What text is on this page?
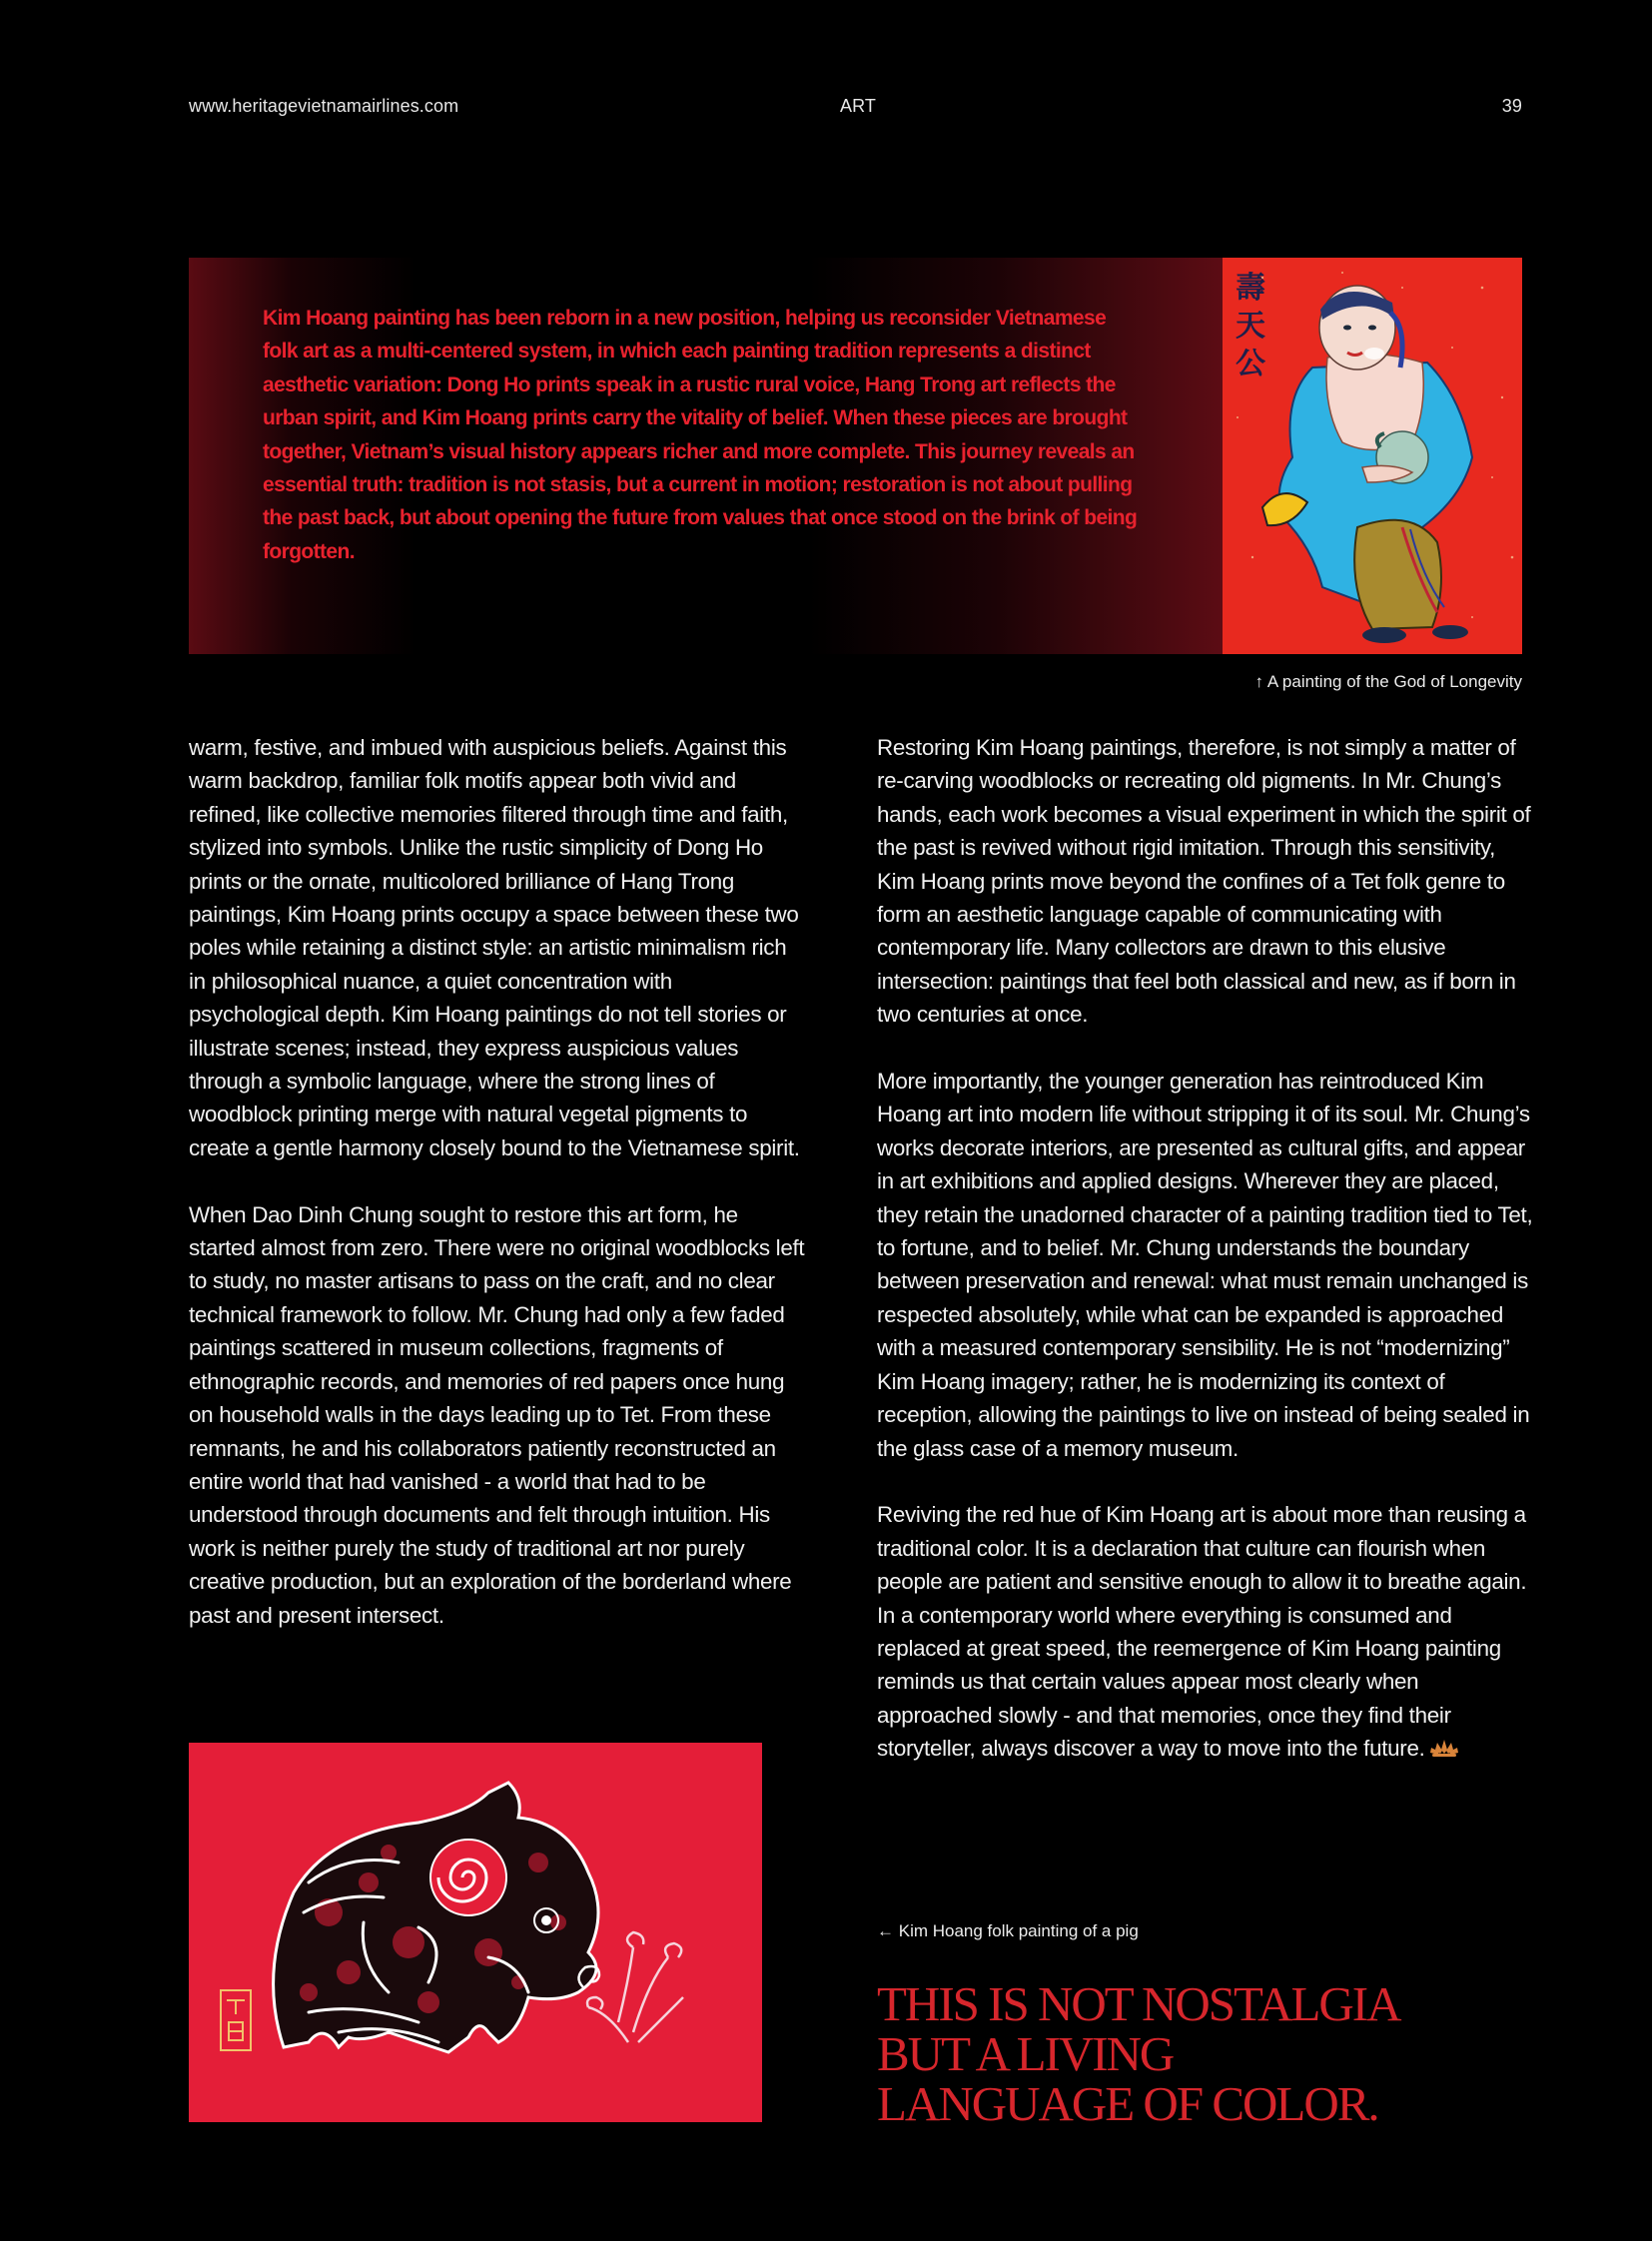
www.heritagevietnamairlines.com	ART	39

Kim Hoang painting has been reborn in a new position, helping us reconsider Vietnamese folk art as a multi-centered system, in which each painting tradition represents a distinct aesthetic variation: Dong Ho prints speak in a rustic rural voice, Hang Trong art reflects the urban spirit, and Kim Hoang prints carry the vitality of belief. When these pieces are brought together, Vietnam’s visual history appears richer and more complete. This journey reveals an essential truth: tradition is not stasis, but a current in motion; restoration is not about pulling the past back, but about opening the future from values that once stood on the brink of being forgotten.

壽 天 公
↑ A painting of the God of Longevity

warm, festive, and imbued with auspicious beliefs. Against this warm backdrop, familiar folk motifs appear both vivid and refined, like collective memories filtered through time and faith, stylized into symbols. Unlike the rustic simplicity of Dong Ho prints or the ornate, multicolored brilliance of Hang Trong paintings, Kim Hoang prints occupy a space between these two poles while retaining a distinct style: an artistic minimalism rich in philosophical nuance, a quiet concentration with psychological depth. Kim Hoang paintings do not tell stories or illustrate scenes; instead, they express auspicious values through a symbolic language, where the strong lines of woodblock printing merge with natural vegetal pigments to create a gentle harmony closely bound to the Vietnamese spirit.

When Dao Dinh Chung sought to restore this art form, he started almost from zero. There were no original woodblocks left to study, no master artisans to pass on the craft, and no clear technical framework to follow. Mr. Chung had only a few faded paintings scattered in museum collections, fragments of ethnographic records, and memories of red papers once hung on household walls in the days leading up to Tet. From these remnants, he and his collaborators patiently reconstructed an entire world that had vanished - a world that had to be understood through documents and felt through intuition. His work is neither purely the study of traditional art nor purely creative production, but an exploration of the borderland where past and present intersect.

Restoring Kim Hoang paintings, therefore, is not simply a matter of re-carving woodblocks or recreating old pigments. In Mr. Chung’s hands, each work becomes a visual experiment in which the spirit of the past is revived without rigid imitation. Through this sensitivity, Kim Hoang prints move beyond the confines of a Tet folk genre to form an aesthetic language capable of communicating with contemporary life. Many collectors are drawn to this elusive intersection: paintings that feel both classical and new, as if born in two centuries at once.

More importantly, the younger generation has reintroduced Kim Hoang art into modern life without stripping it of its soul. Mr. Chung’s works decorate interiors, are presented as cultural gifts, and appear in art exhibitions and applied designs. Wherever they are placed, they retain the unadorned character of a painting tradition tied to Tet, to fortune, and to belief. Mr. Chung understands the boundary between preservation and renewal: what must remain unchanged is respected absolutely, while what can be expanded is approached with a measured contemporary sensibility. He is not “modernizing” Kim Hoang imagery; rather, he is modernizing its context of reception, allowing the paintings to live on instead of being sealed in the glass case of a memory museum.

Reviving the red hue of Kim Hoang art is about more than reusing a traditional color. It is a declaration that culture can flourish when people are patient and sensitive enough to allow it to breathe again. In a contemporary world where everything is consumed and replaced at great speed, the reemergence of Kim Hoang painting reminds us that certain values appear most clearly when approached slowly - and that memories, once they find their storyteller, always discover a way to move into the future.

← Kim Hoang folk painting of a pig
THIS IS NOT NOSTALGIA
BUT A LIVING
LANGUAGE OF COLOR.
